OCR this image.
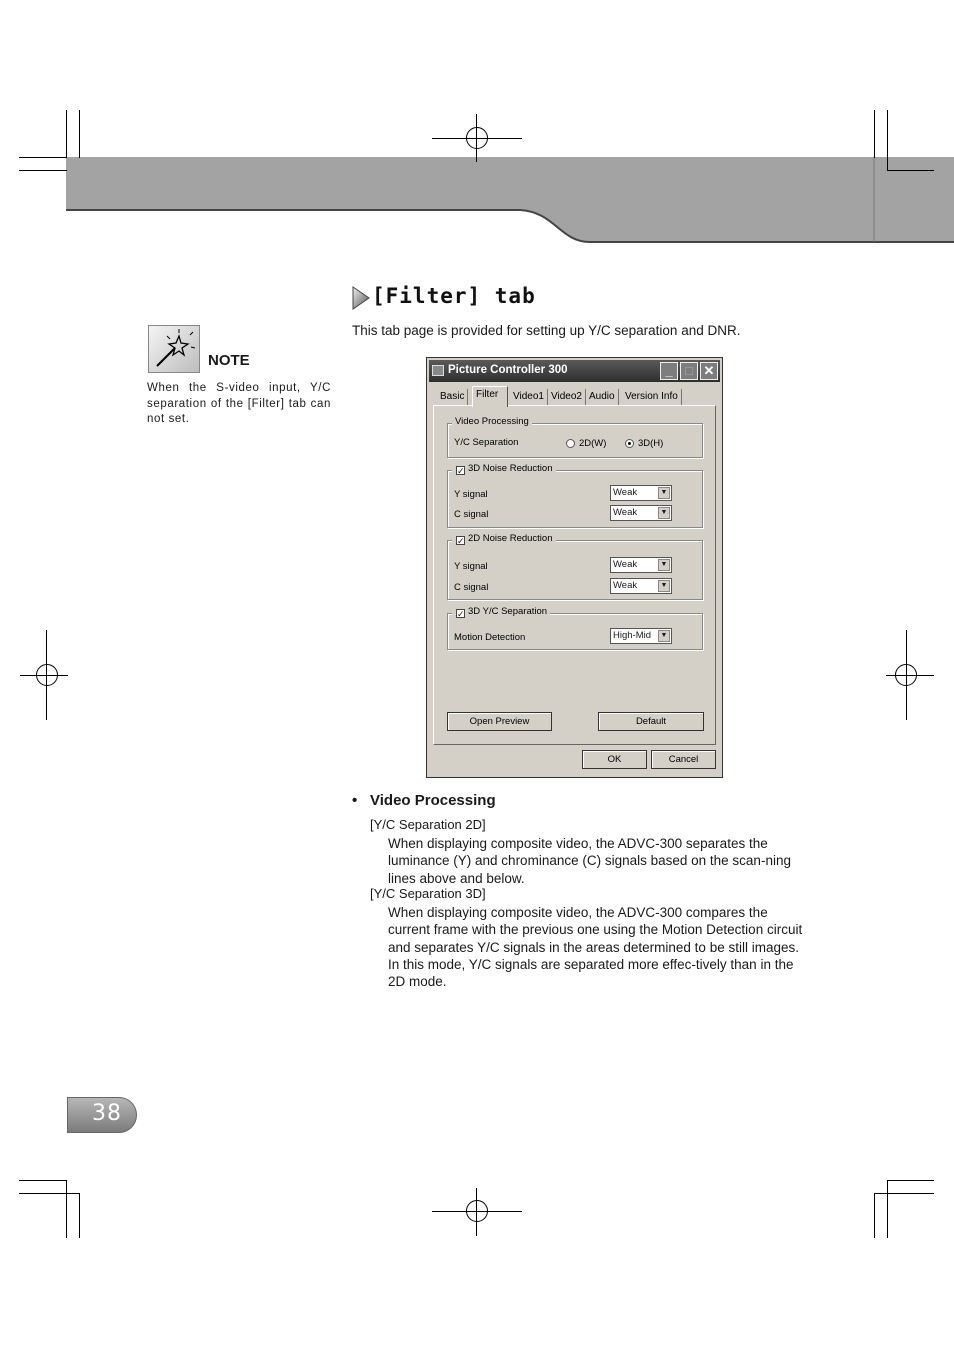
[Filter] tab
This tab page is provided for setting up Y/C separation and DNR.
NOTE
When the S-video input, Y/C separation of the [Filter] tab can not set.
Picture Controller 300	_ □ ✕
Basic	Filter	Video1 Video2 Audio	Version Info
Video Processing
Y/C Separation	2D(W)	3D(H)
3D Noise Reduction
✓
Y signal	Weak	▼
C signal	Weak	▼
2D Noise Reduction
✓
Y signal	Weak	▼
C signal	Weak	▼
3D Y/C Separation
✓
Motion Detection	High-Mid	▼
Open Preview	Default
OK	Cancel
• Video Processing
[Y/C Separation 2D]
When displaying composite video, the ADVC-300 separates the luminance (Y) and chrominance (C) signals based on the scan-ning lines above and below.
[Y/C Separation 3D]
When displaying composite video, the ADVC-300 compares the current frame with the previous one using the Motion Detection circuit and separates Y/C signals in the areas determined to be still images. In this mode, Y/C signals are separated more effec-tively than in the 2D mode.
38
